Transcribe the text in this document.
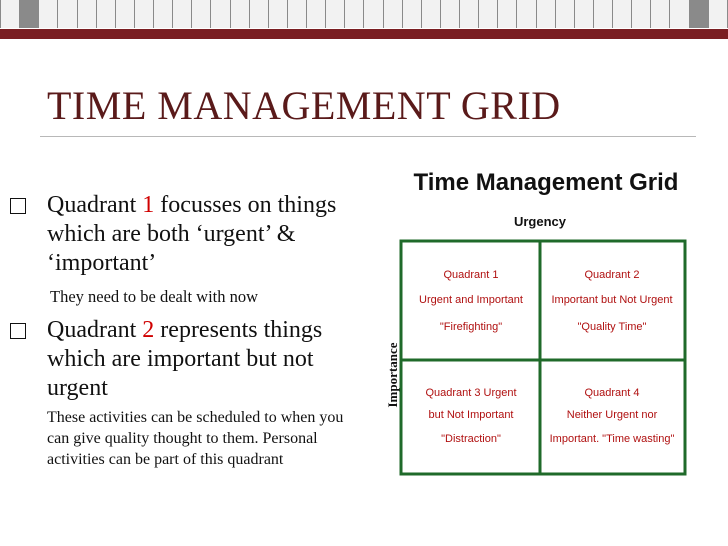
TIME MANAGEMENT GRID
Quadrant 1 focusses on things which are both ‘urgent’ & ‘important’
They need to be dealt with now
Quadrant 2 represents things which are important but not urgent
These activities can be scheduled to when you can give quality thought to them. Personal activities can be part of this quadrant
Time Management Grid
Urgency
Importance
Quadrant 1
Urgent and Important
"Firefighting"
Quadrant 2
Important but Not Urgent
"Quality Time"
Quadrant 3 Urgent
but Not Important
"Distraction"
Quadrant 4
Neither Urgent nor
Important. "Time wasting"
